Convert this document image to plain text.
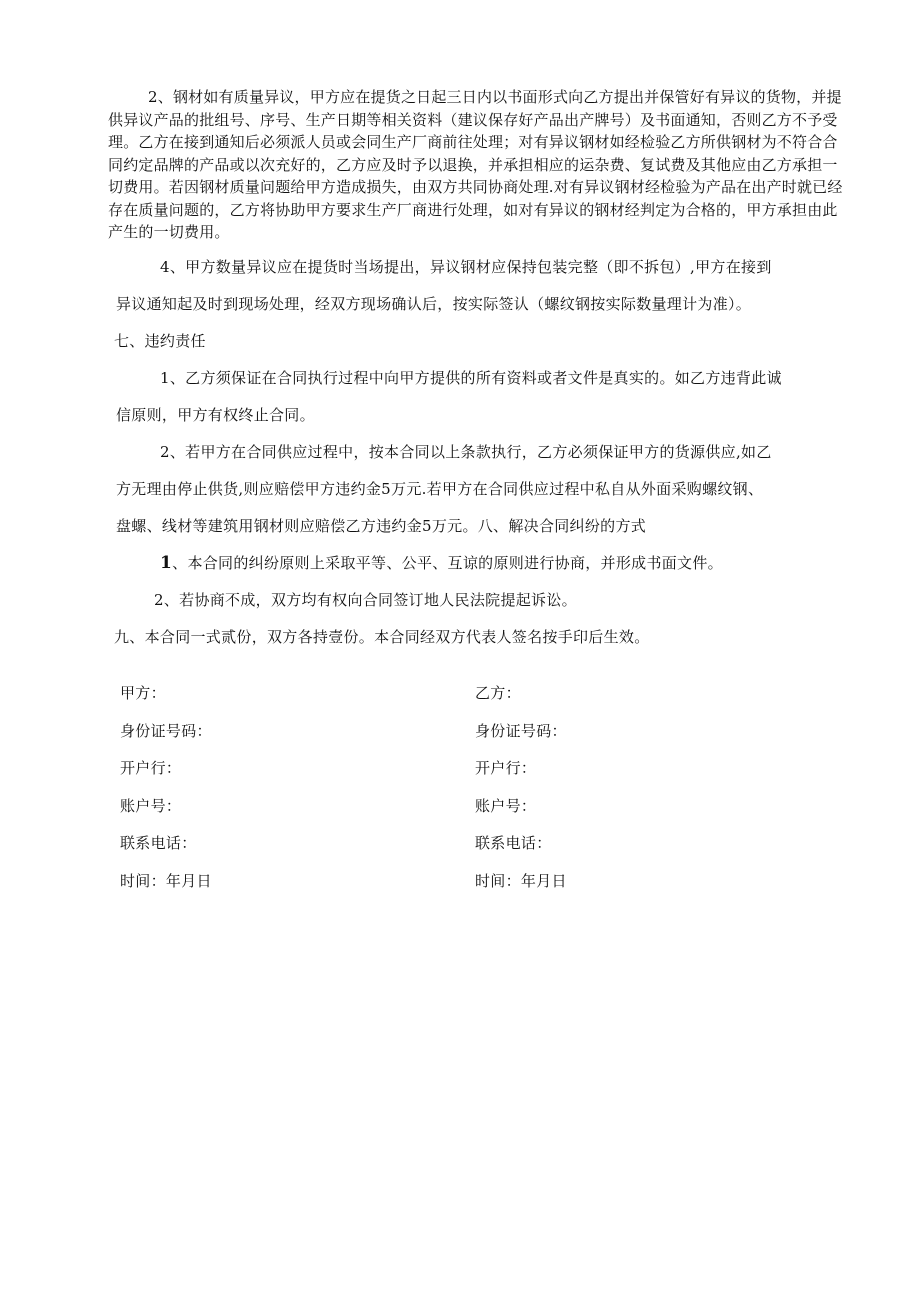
2、钢材如有质量异议，甲方应在提货之日起三日内以书面形式向乙方提出并保管好有异议的货物，并提供异议产品的批组号、序号、生产日期等相关资料（建议保存好产品出产牌号）及书面通知，否则乙方不予受理。乙方在接到通知后必须派人员或会同生产厂商前往处理；对有异议钢材如经检验乙方所供钢材为不符合合同约定品牌的产品或以次充好的，乙方应及时予以退换，并承担相应的运杂费、复试费及其他应由乙方承担一切费用。若因钢材质量问题给甲方造成损失，由双方共同协商处理.对有异议钢材经检验为产品在出产时就已经存在质量问题的，乙方将协助甲方要求生产厂商进行处理，如对有异议的钢材经判定为合格的，甲方承担由此产生的一切费用。

4、甲方数量异议应在提货时当场提出，异议钢材应保持包装完整（即不拆包）,甲方在接到
异议通知起及时到现场处理，经双方现场确认后，按实际签认（螺纹钢按实际数量理计为准）。
七、违约责任
1、乙方须保证在合同执行过程中向甲方提供的所有资料或者文件是真实的。如乙方违背此诚
信原则，甲方有权终止合同。
2、若甲方在合同供应过程中，按本合同以上条款执行，乙方必须保证甲方的货源供应,如乙
方无理由停止供货,则应赔偿甲方违约金5万元.若甲方在合同供应过程中私自从外面采购螺纹钢、
盘螺、线材等建筑用钢材则应赔偿乙方违约金5万元。八、解决合同纠纷的方式
1、本合同的纠纷原则上采取平等、公平、互谅的原则进行协商，并形成书面文件。
2、若协商不成，双方均有权向合同签订地人民法院提起诉讼。
九、本合同一式贰份，双方各持壹份。本合同经双方代表人签名按手印后生效。
甲方：
身份证号码：
开户行：
账户号：
联系电话：
时间：年月日
乙方：
身份证号码：
开户行：
账户号：
联系电话：
时间：年月日
